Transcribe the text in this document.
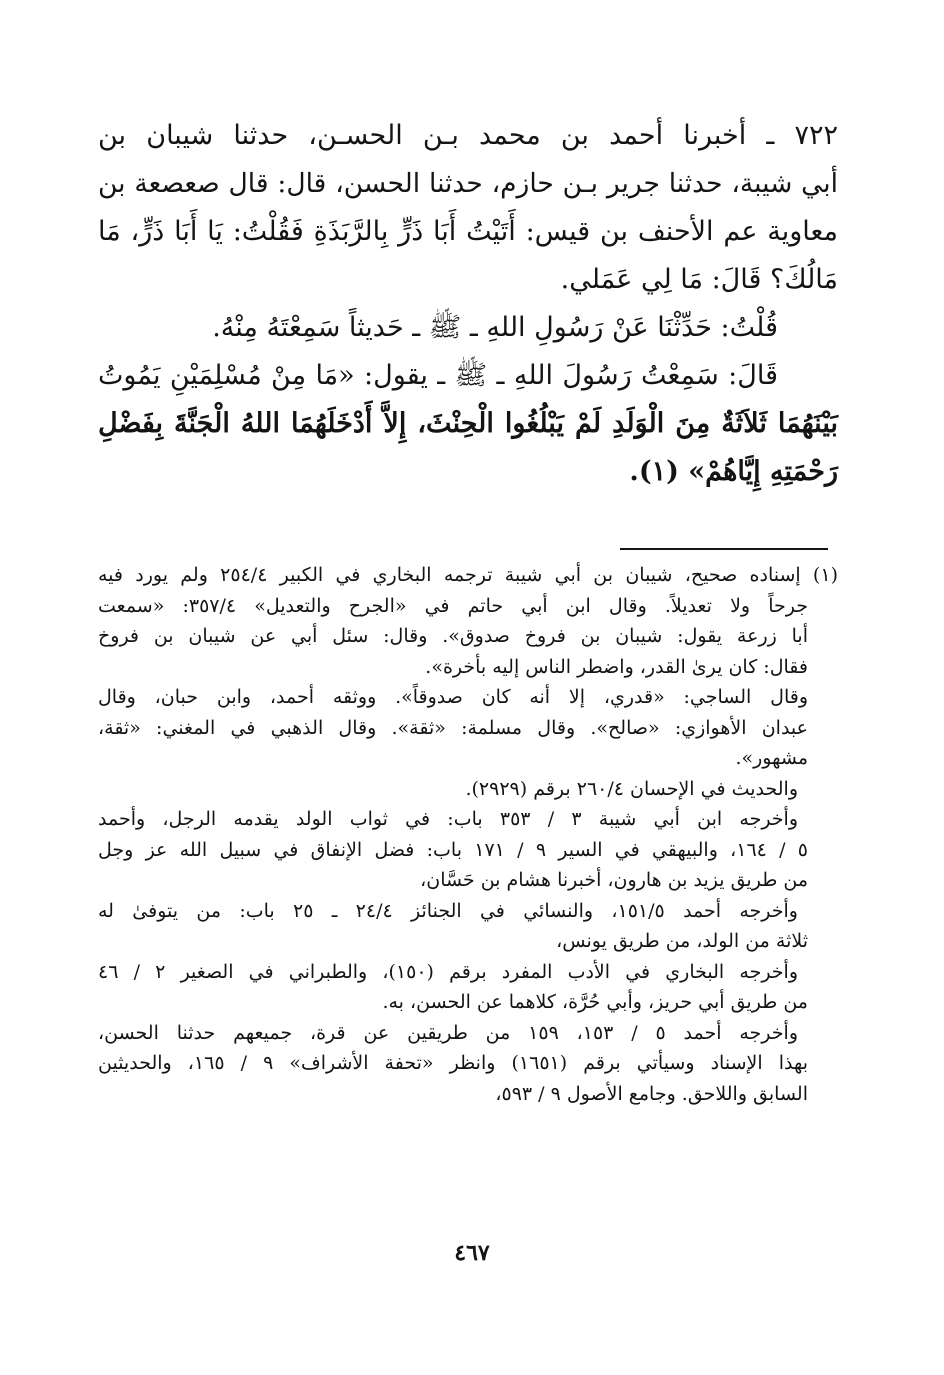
٧٢٢ ـ أخبرنا أحمد بن محمد بـن الحسـن، حدثنا شيبان بن
أبي شيبة، حدثنا جرير بـن حازم، حدثنا الحسن، قال: قال صعصعة بن
معاوية عم الأحنف بن قيس: أَتَيْتُ أَبَا ذَرٍّ بِالرَّبَذَةِ فَقُلْتُ: يَا أَبَا ذَرٍّ، مَا
مَالُكَ؟ قَالَ: مَا لِي عَمَلي.
قُلْتُ: حَدِّثْنَا عَنْ رَسُولِ اللهِ ـ ﷺ ـ حَديثاً سَمِعْتَهُ مِنْهُ.
قَالَ: سَمِعْتُ رَسُولَ اللهِ ـ ﷺ ـ يقول: «مَا مِنْ مُسْلِمَيْنِ يَمُوتُ
بَيْنَهُمَا ثَلاَثَةٌ مِنَ الْوَلَدِ لَمْ يَبْلُغُوا الْحِنْثَ، إِلاَّ أَدْخَلَهُمَا اللهُ الْجَنَّةَ بِفَضْلِ
رَحْمَتِهِ إِيَّاهُمْ» (١).
(١) إسناده صحيح، شيبان بن أبي شيبة ترجمه البخاري في الكبير ٢٥٤/٤ ولم يورد فيه
جرحاً ولا تعديلاً. وقال ابن أبي حاتم في «الجرح والتعديل» ٣٥٧/٤: «سمعت
أبا زرعة يقول: شيبان بن فروخ صدوق». وقال: سئل أبي عن شيبان بن فروخ
فقال: كان يرىٰ القدر، واضطر الناس إليه بأخرة».
وقال الساجي: «قدري، إلا أنه كان صدوقاً». ووثقه أحمد، وابن حبان، وقال
عبدان الأهوازي: «صالح». وقال مسلمة: «ثقة». وقال الذهبي في المغني: «ثقة،
مشهور».
والحديث في الإحسان ٢٦٠/٤ برقم (٢٩٢٩).
وأخرجه ابن أبي شيبة ٣ / ٣٥٣ باب: في ثواب الولد يقدمه الرجل، وأحمد
٥ / ١٦٤، والبيهقي في السير ٩ / ١٧١ باب: فضل الإنفاق في سبيل الله عز وجل
من طريق يزيد بن هارون، أخبرنا هشام بن حَسَّان،
وأخرجه أحمد ١٥١/٥، والنسائي في الجنائز ٢٤/٤ ـ ٢٥ باب: من يتوفىٰ له
ثلاثة من الولد، من طريق يونس،
وأخرجه البخاري في الأدب المفرد برقم (١٥٠)، والطبراني في الصغير ٢ / ٤٦
من طريق أبي حريز، وأبي حُرَّة، كلاهما عن الحسن، به.
وأخرجه أحمد ٥ / ١٥٣، ١٥٩ من طريقين عن قرة، جميعهم حدثنا الحسن،
بهذا الإسناد وسيأتي برقم (١٦٥١) وانظر «تحفة الأشراف» ٩ / ١٦٥، والحديثين
السابق واللاحق. وجامع الأصول ٩ / ٥٩٣،
٤٦٧
